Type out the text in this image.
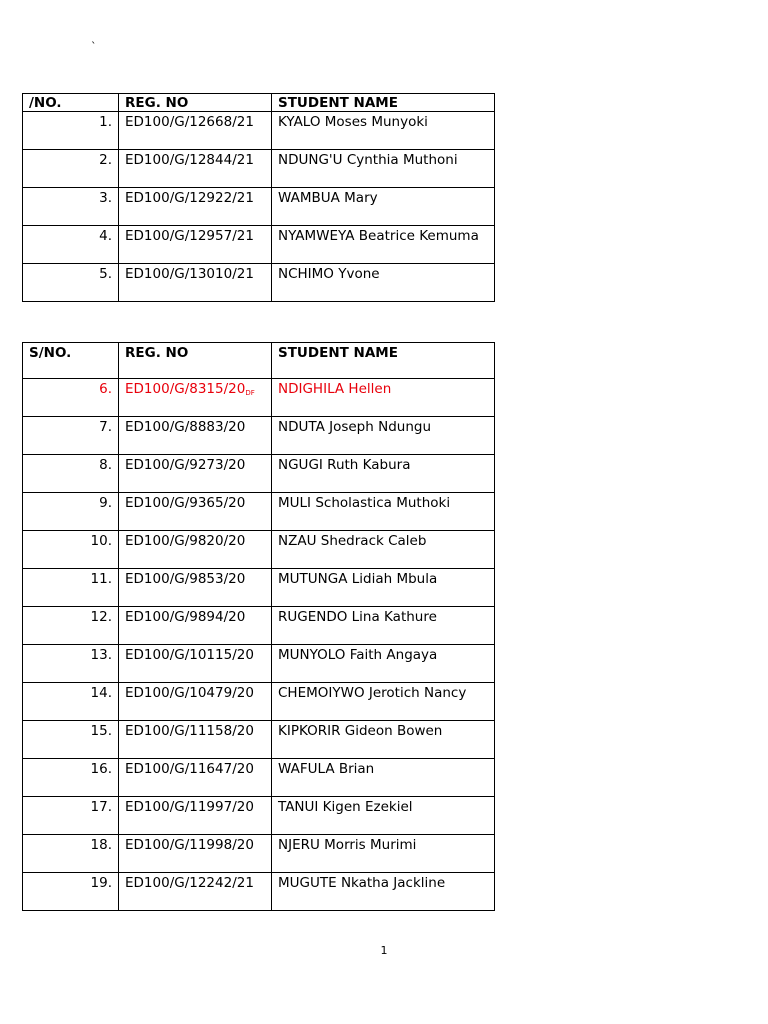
`
/NO.	REG. NO	STUDENT NAME
1.	ED100/G/12668/21	KYALO Moses Munyoki
2.	ED100/G/12844/21	NDUNG'U Cynthia Muthoni
3.	ED100/G/12922/21	WAMBUA Mary
4.	ED100/G/12957/21	NYAMWEYA Beatrice Kemuma
5.	ED100/G/13010/21	NCHIMO Yvone
S/NO.	REG. NO	STUDENT NAME
6.	$ED100/G/8315/20_{DF}$	NDIGHILA Hellen
7.	ED100/G/8883/20	NDUTA Joseph Ndungu
8.	ED100/G/9273/20	NGUGI Ruth Kabura
9.	ED100/G/9365/20	MULI Scholastica Muthoki
10.	ED100/G/9820/20	NZAU Shedrack Caleb
11.	ED100/G/9853/20	MUTUNGA Lidiah Mbula
12.	ED100/G/9894/20	RUGENDO Lina Kathure
13.	ED100/G/10115/20	MUNYOLO Faith Angaya
14.	ED100/G/10479/20	CHEMOIYWO Jerotich Nancy
15.	ED100/G/11158/20	KIPKORIR Gideon Bowen
16.	ED100/G/11647/20	WAFULA Brian
17.	ED100/G/11997/20	TANUI Kigen Ezekiel
18.	ED100/G/11998/20	NJERU Morris Murimi
19.	ED100/G/12242/21	MUGUTE Nkatha Jackline
1
